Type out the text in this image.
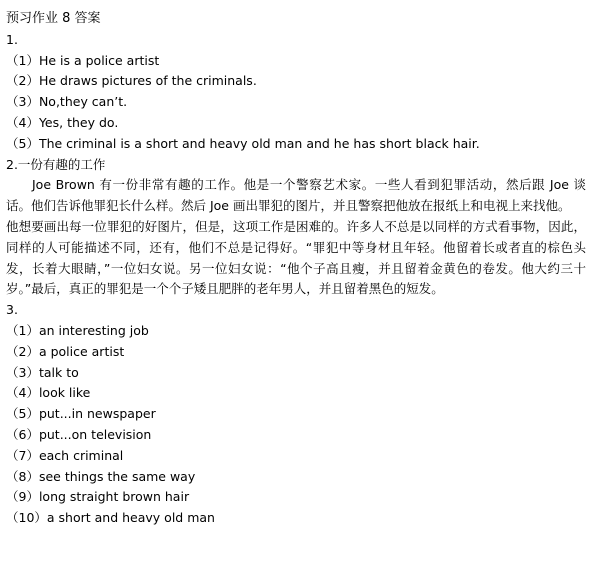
预习作业 8 答案
1.
（1）He is a police artist
（2）He draws pictures of the criminals.
（3）No,they can’t.
（4）Yes, they do.
（5）The criminal is a short and heavy old man and he has short black hair.
2.一份有趣的工作

Joe Brown 有一份非常有趣的工作。他是一个警察艺术家。一些人看到犯罪活动，然后跟 Joe 谈话。他们告诉他罪犯长什么样。然后 Joe 画出罪犯的图片，并且警察把他放在报纸上和电视上来找他。

他想要画出每一位罪犯的好图片，但是，这项工作是困难的。许多人不总是以同样的方式看事物，因此，同样的人可能描述不同，还有，他们不总是记得好。“罪犯中等身材且年轻。他留着长或者直的棕色头发，长着大眼睛，”一位妇女说。另一位妇女说：“他个子高且瘦，并且留着金黄色的卷发。他大约三十岁。”最后，真正的罪犯是一个个子矮且肥胖的老年男人，并且留着黑色的短发。

3.
（1）an interesting job
（2）a police artist
（3）talk to
（4）look like
（5）put...in newspaper
（6）put...on television
（7）each criminal
（8）see things the same way
（9）long straight brown hair
（10）a short and heavy old man
